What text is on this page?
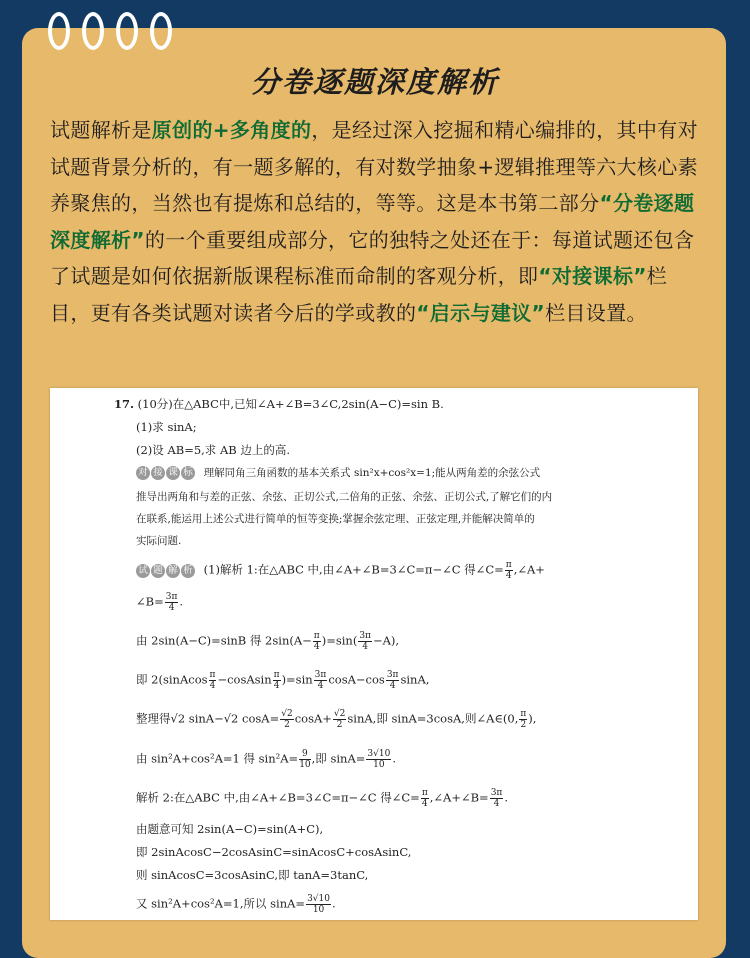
分卷逐题深度解析
试题解析是原创的+多角度的，是经过深入挖掘和精心编排的，其中有对试题背景分析的，有一题多解的，有对数学抽象+逻辑推理等六大核心素养聚焦的，当然也有提炼和总结的，等等。这是本书第二部分“分卷逐题深度解析”的一个重要组成部分，它的独特之处还在于：每道试题还包含了试题是如何依据新版课程标准而命制的客观分析，即“对接课标”栏目，更有各类试题对读者今后的学或教的“启示与建议”栏目设置。
17. (10分)在△ABC中,已知∠A+∠B=3∠C,2sin(A−C)=sin B.
(1)求 sinA;
(2)设 AB=5,求 AB 边上的高.
对 接 课 标 理解同角三角函数的基本关系式 sin²x+cos²x=1;能从两角差的余弦公式
推导出两角和与差的正弦、余弦、正切公式,二倍角的正弦、余弦、正切公式,了解它们的内
在联系,能运用上述公式进行简单的恒等变换;掌握余弦定理、正弦定理,并能解决简单的
实际问题.
试 题 解 析 (1)解析 1:在△ABC 中,由∠A+∠B=3∠C=π−∠C 得∠C= $\frac{\pi}{4}$ ,∠A+
∠B= $\frac{3\pi}{4}$ .
由 2sin(A−C)=sinB 得 $2\sin(A- \frac{\pi}{4} )=\sin( \frac{3\pi}{4} -A)$,
即 2(sinAcos $\frac{\pi}{4}$ −cosAsin $\frac{\pi}{4} )=\sin \frac{3\pi}{4} \cos A-\cos \frac{3\pi}{4} \sin A$,
整理得√2 sinA−√2 $\cos A= \frac{√2}{2} \cos A+ \frac{√2}{2} \sin A$,即 sinA=3cosA,则∠A∈(0, $\frac{\pi}{2}$ ),
由 sin²A+cos²A=1 得 $\sin^2A= \frac{9}{10}$ ,即 $\sin A= \frac{3√10}{10}$ .
解析 2:在△ABC 中,由∠A+∠B=3∠C=π−∠C 得∠C= $\frac{\pi}{4}$ ,∠A+∠B= $\frac{3\pi}{4}$ .
由题意可知 2sin(A−C)=sin(A+C),
即 2sinAcosC−2cosAsinC=sinAcosC+cosAsinC,
则 sinAcosC=3cosAsinC,即 tanA=3tanC,
又 sin²A+cos²A=1,所以 $\sin A= \frac{3√10}{10}$ .
